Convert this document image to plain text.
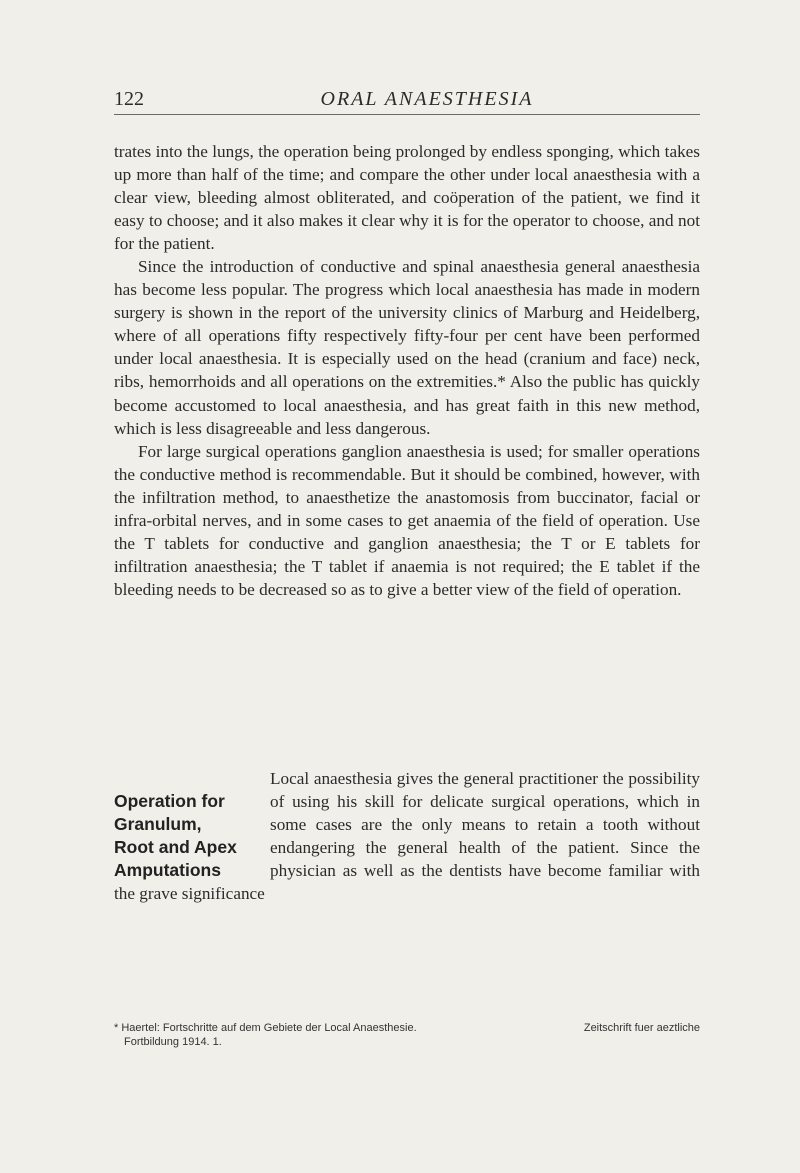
122	ORAL ANAESTHESIA

trates into the lungs, the operation being prolonged by endless sponging, which takes up more than half of the time; and compare the other under local anaesthesia with a clear view, bleeding almost obliterated, and coöperation of the patient, we find it easy to choose; and it also makes it clear why it is for the operator to choose, and not for the patient.

Since the introduction of conductive and spinal anaesthesia general anaesthesia has become less popular. The progress which local anaesthesia has made in modern surgery is shown in the report of the university clinics of Marburg and Heidelberg, where of all operations fifty respectively fifty-four per cent have been performed under local anaesthesia. It is especially used on the head (cranium and face) neck, ribs, hemorrhoids and all operations on the extremities.* Also the public has quickly become accustomed to local anaesthesia, and has great faith in this new method, which is less disagreeable and less dangerous.

For large surgical operations ganglion anaesthesia is used; for smaller operations the conductive method is recommendable. But it should be combined, however, with the infiltration method, to anaesthetize the anastomosis from buccinator, facial or infra-orbital nerves, and in some cases to get anaemia of the field of operation. Use the T tablets for conductive and ganglion anaesthesia; the T or E tablets for infiltration anaesthesia; the T tablet if anaemia is not required; the E tablet if the bleeding needs to be decreased so as to give a better view of the field of operation.

Operation for
Granulum,
Root and Apex
Amputations

Local anaesthesia gives the general practitioner the possibility of using his skill for delicate surgical operations, which in some cases are the only means to retain a tooth without endangering the general health of the patient. Since the physician as well as the dentists have become familiar with the grave significance

* Haertel: Fortschritte auf dem Gebiete der Local Anaesthesie.	Zeitschrift fuer aeztliche
Fortbildung 1914. 1.
